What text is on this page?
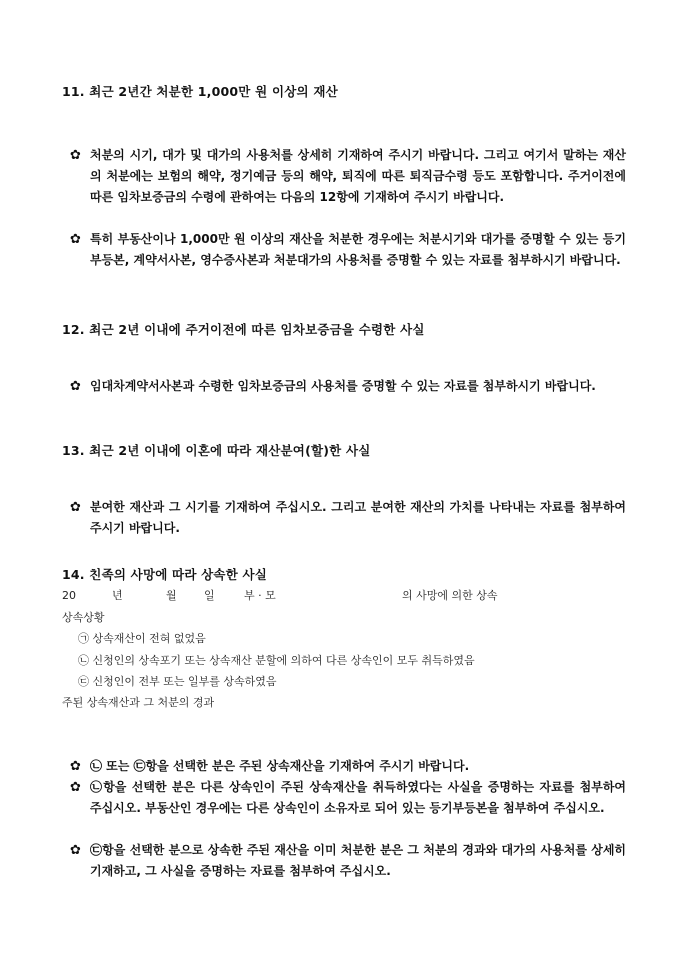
11. 최근 2년간 처분한 1,000만 원 이상의 재산
✿ 처분의 시기, 대가 및 대가의 사용처를 상세히 기재하여 주시기 바랍니다. 그리고 여기서 말하는 재산의 처분에는 보험의 해약, 정기예금 등의 해약, 퇴직에 따른 퇴직금수령 등도 포함합니다. 주거이전에 따른 임차보증금의 수령에 관하여는 다음의 12항에 기재하여 주시기 바랍니다.
✿ 특히 부동산이나 1,000만 원 이상의 재산을 처분한 경우에는 처분시기와 대가를 증명할 수 있는 등기부등본, 계약서사본, 영수증사본과 처분대가의 사용처를 증명할 수 있는 자료를 첨부하시기 바랍니다.
12. 최근 2년 이내에 주거이전에 따른 임차보증금을 수령한 사실
✿ 임대차계약서사본과 수령한 임차보증금의 사용처를 증명할 수 있는 자료를 첨부하시기 바랍니다.
13. 최근 2년 이내에 이혼에 따라 재산분여(할)한 사실
✿ 분여한 재산과 그 시기를 기재하여 주십시오. 그리고 분여한 재산의 가치를 나타내는 자료를 첨부하여 주시기 바랍니다.
14. 친족의 사망에 따라 상속한 사실
20	년	월 일	부 · 모	의 사망에 의한 상속
상속상황
㉠ 상속재산이 전혀 없었음
㉡ 신청인의 상속포기 또는 상속재산 분할에 의하여 다른 상속인이 모두 취득하였음
㉢ 신청인이 전부 또는 일부를 상속하였음
주된 상속재산과 그 처분의 경과
✿ ㉡ 또는 ㉢항을 선택한 분은 주된 상속재산을 기재하여 주시기 바랍니다.
✿ ㉡항을 선택한 분은 다른 상속인이 주된 상속재산을 취득하였다는 사실을 증명하는 자료를 첨부하여 주십시오. 부동산인 경우에는 다른 상속인이 소유자로 되어 있는 등기부등본을 첨부하여 주십시오.
✿ ㉢항을 선택한 분으로 상속한 주된 재산을 이미 처분한 분은 그 처분의 경과와 대가의 사용처를 상세히 기재하고, 그 사실을 증명하는 자료를 첨부하여 주십시오.
